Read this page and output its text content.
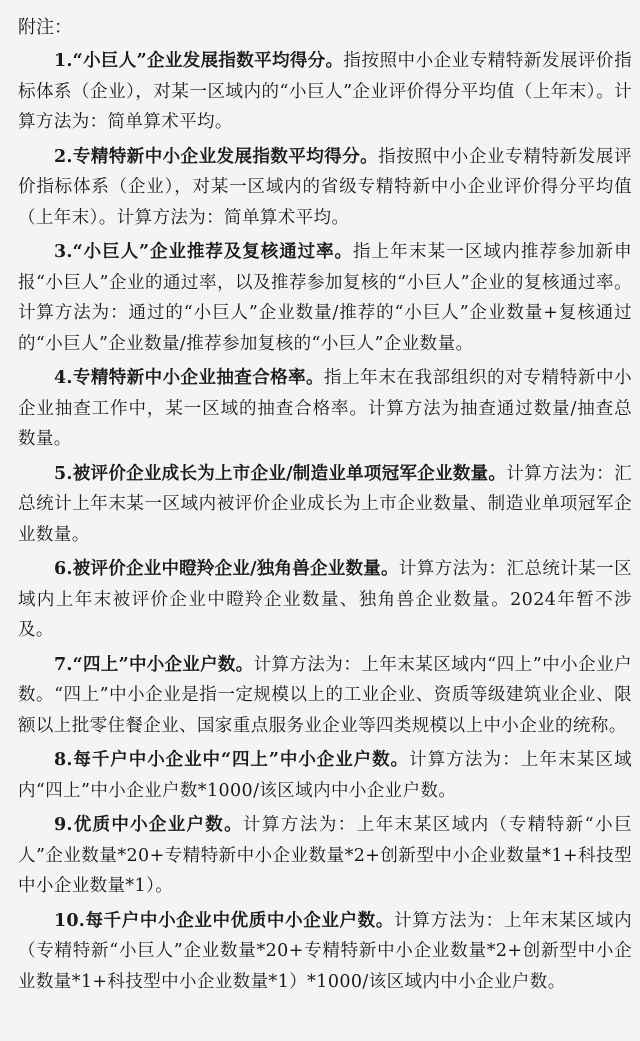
附注：

1.“小巨人”企业发展指数平均得分。指按照中小企业专精特新发展评价指标体系（企业），对某一区域内的“小巨人”企业评价得分平均值（上年末）。计算方法为：简单算术平均。

2.专精特新中小企业发展指数平均得分。指按照中小企业专精特新发展评价指标体系（企业），对某一区域内的省级专精特新中小企业评价得分平均值（上年末）。计算方法为：简单算术平均。

3.“小巨人”企业推荐及复核通过率。指上年末某一区域内推荐参加新申报“小巨人”企业的通过率，以及推荐参加复核的“小巨人”企业的复核通过率。计算方法为：通过的“小巨人”企业数量/推荐的“小巨人”企业数量+复核通过的“小巨人”企业数量/推荐参加复核的“小巨人”企业数量。

4.专精特新中小企业抽查合格率。指上年末在我部组织的对专精特新中小企业抽查工作中，某一区域的抽查合格率。计算方法为抽查通过数量/抽查总数量。

5.被评价企业成长为上市企业/制造业单项冠军企业数量。计算方法为：汇总统计上年末某一区域内被评价企业成长为上市企业数量、制造业单项冠军企业数量。

6.被评价企业中瞪羚企业/独角兽企业数量。计算方法为：汇总统计某一区域内上年末被评价企业中瞪羚企业数量、独角兽企业数量。2024年暂不涉及。

7.“四上”中小企业户数。计算方法为：上年末某区域内“四上”中小企业户数。“四上”中小企业是指一定规模以上的工业企业、资质等级建筑业企业、限额以上批零住餐企业、国家重点服务业企业等四类规模以上中小企业的统称。

8.每千户中小企业中“四上”中小企业户数。计算方法为：上年末某区域内“四上”中小企业户数*1000/该区域内中小企业户数。

9.优质中小企业户数。计算方法为：上年末某区域内（专精特新“小巨人”企业数量*20+专精特新中小企业数量*2+创新型中小企业数量*1+科技型中小企业数量*1）。

10.每千户中小企业中优质中小企业户数。计算方法为：上年末某区域内（专精特新“小巨人”企业数量*20+专精特新中小企业数量*2+创新型中小企业数量*1+科技型中小企业数量*1）*1000/该区域内中小企业户数。
